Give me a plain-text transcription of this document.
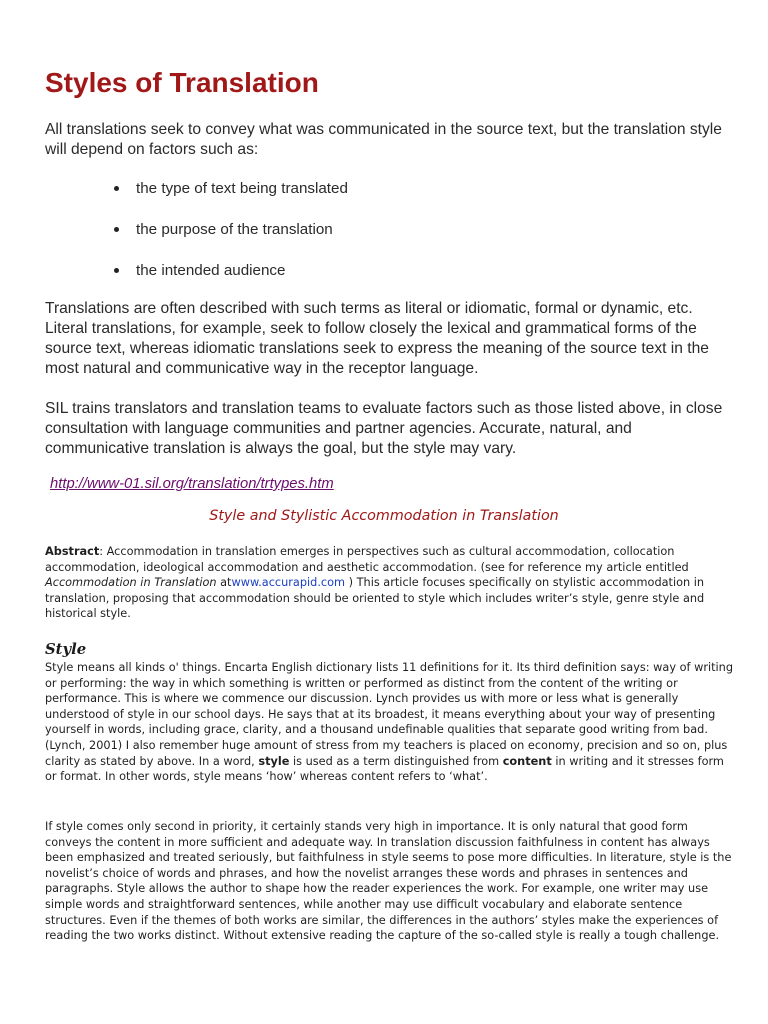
Styles of Translation

All translations seek to convey what was communicated in the source text, but the translation style will depend on factors such as:

the type of text being translated
the purpose of the translation
the intended audience

Translations are often described with such terms as literal or idiomatic, formal or dynamic, etc. Literal translations, for example, seek to follow closely the lexical and grammatical forms of the source text, whereas idiomatic translations seek to express the meaning of the source text in the most natural and communicative way in the receptor language.

SIL trains translators and translation teams to evaluate factors such as those listed above, in close consultation with language communities and partner agencies. Accurate, natural, and communicative translation is always the goal, but the style may vary.

http://www-01.sil.org/translation/trtypes.htm

Style and Stylistic Accommodation in Translation

Abstract: Accommodation in translation emerges in perspectives such as cultural accommodation, collocation accommodation, ideological accommodation and aesthetic accommodation. (see for reference my article entitled Accommodation in Translation atwww.accurapid.com ) This article focuses specifically on stylistic accommodation in translation, proposing that accommodation should be oriented to style which includes writer’s style, genre style and historical style.

Style

Style means all kinds o' things. Encarta English dictionary lists 11 definitions for it. Its third definition says: way of writing or performing: the way in which something is written or performed as distinct from the content of the writing or performance. This is where we commence our discussion. Lynch provides us with more or less what is generally understood of style in our school days. He says that at its broadest, it means everything about your way of presenting yourself in words, including grace, clarity, and a thousand undefinable qualities that separate good writing from bad. (Lynch, 2001) I also remember huge amount of stress from my teachers is placed on economy, precision and so on, plus clarity as stated by above. In a word, style is used as a term distinguished from content in writing and it stresses form or format. In other words, style means ‘how’ whereas content refers to ‘what’.

If style comes only second in priority, it certainly stands very high in importance. It is only natural that good form conveys the content in more sufficient and adequate way. In translation discussion faithfulness in content has always been emphasized and treated seriously, but faithfulness in style seems to pose more difficulties. In literature, style is the novelist’s choice of words and phrases, and how the novelist arranges these words and phrases in sentences and paragraphs. Style allows the author to shape how the reader experiences the work. For example, one writer may use simple words and straightforward sentences, while another may use difficult vocabulary and elaborate sentence structures. Even if the themes of both works are similar, the differences in the authors’ styles make the experiences of reading the two works distinct. Without extensive reading the capture of the so-called style is really a tough challenge.
